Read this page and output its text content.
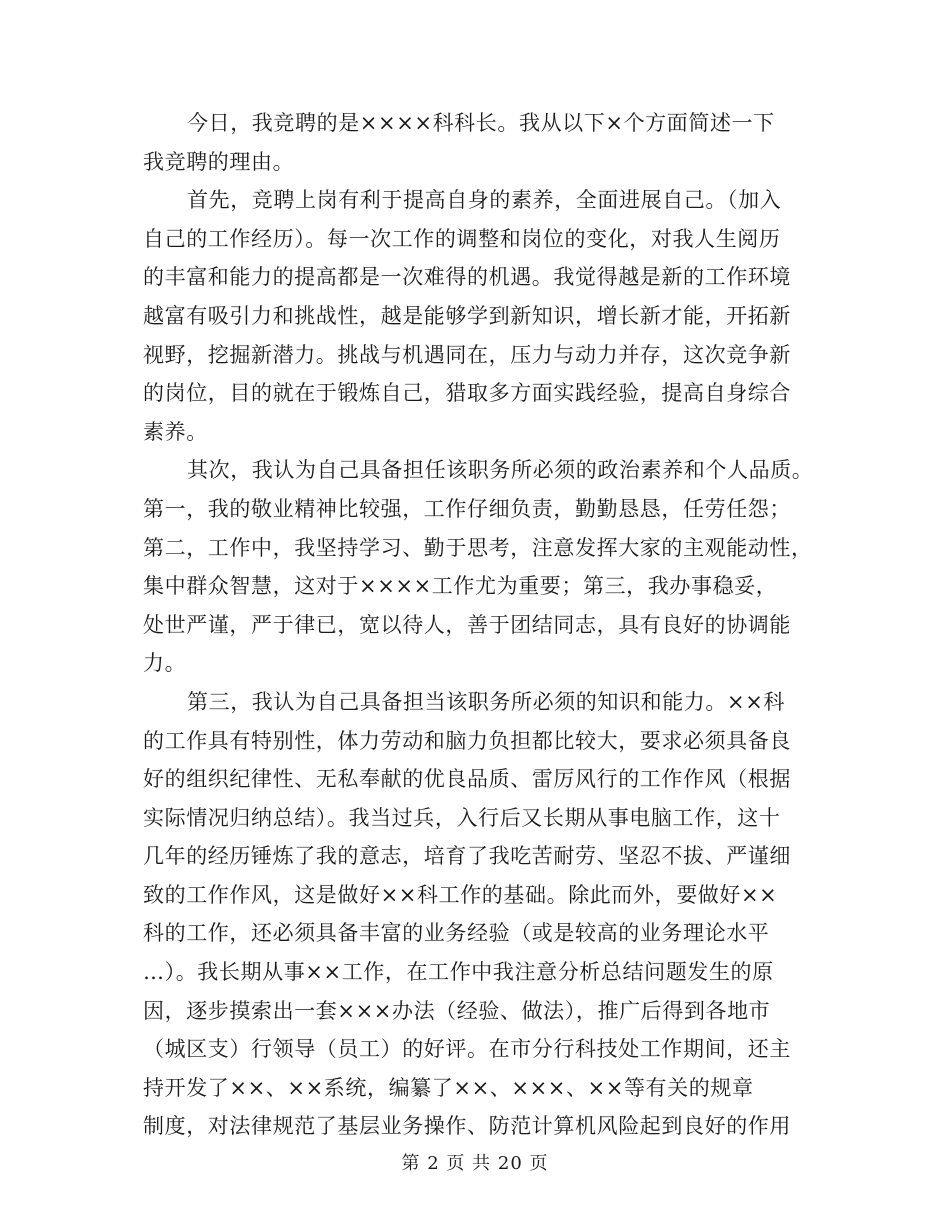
今日，我竞聘的是××××科科长。我从以下×个方面简述一下
我竞聘的理由。
首先，竞聘上岗有利于提高自身的素养，全面进展自己。（加入
自己的工作经历）。每一次工作的调整和岗位的变化，对我人生阅历
的丰富和能力的提高都是一次难得的机遇。我觉得越是新的工作环境
越富有吸引力和挑战性，越是能够学到新知识，增长新才能，开拓新
视野，挖掘新潜力。挑战与机遇同在，压力与动力并存，这次竞争新
的岗位，目的就在于锻炼自己，猎取多方面实践经验，提高自身综合
素养。
其次，我认为自己具备担任该职务所必须的政治素养和个人品质。
第一，我的敬业精神比较强，工作仔细负责，勤勤恳恳，任劳任怨；
第二，工作中，我坚持学习、勤于思考，注意发挥大家的主观能动性，
集中群众智慧，这对于××××工作尤为重要；第三，我办事稳妥，
处世严谨，严于律已，宽以待人，善于团结同志，具有良好的协调能
力。
第三，我认为自己具备担当该职务所必须的知识和能力。××科
的工作具有特别性，体力劳动和脑力负担都比较大，要求必须具备良
好的组织纪律性、无私奉献的优良品质、雷厉风行的工作作风（根据
实际情况归纳总结）。我当过兵，入行后又长期从事电脑工作，这十
几年的经历锤炼了我的意志，培育了我吃苦耐劳、坚忍不拔、严谨细
致的工作作风，这是做好××科工作的基础。除此而外，要做好××
科的工作，还必须具备丰富的业务经验（或是较高的业务理论水平
…）。我长期从事××工作，在工作中我注意分析总结问题发生的原
因，逐步摸索出一套×××办法（经验、做法），推广后得到各地市
（城区支）行领导（员工）的好评。在市分行科技处工作期间，还主
持开发了××、××系统，编纂了××、×××、××等有关的规章
制度，对法律规范了基层业务操作、防范计算机风险起到良好的作用
第 2 页 共 20 页
